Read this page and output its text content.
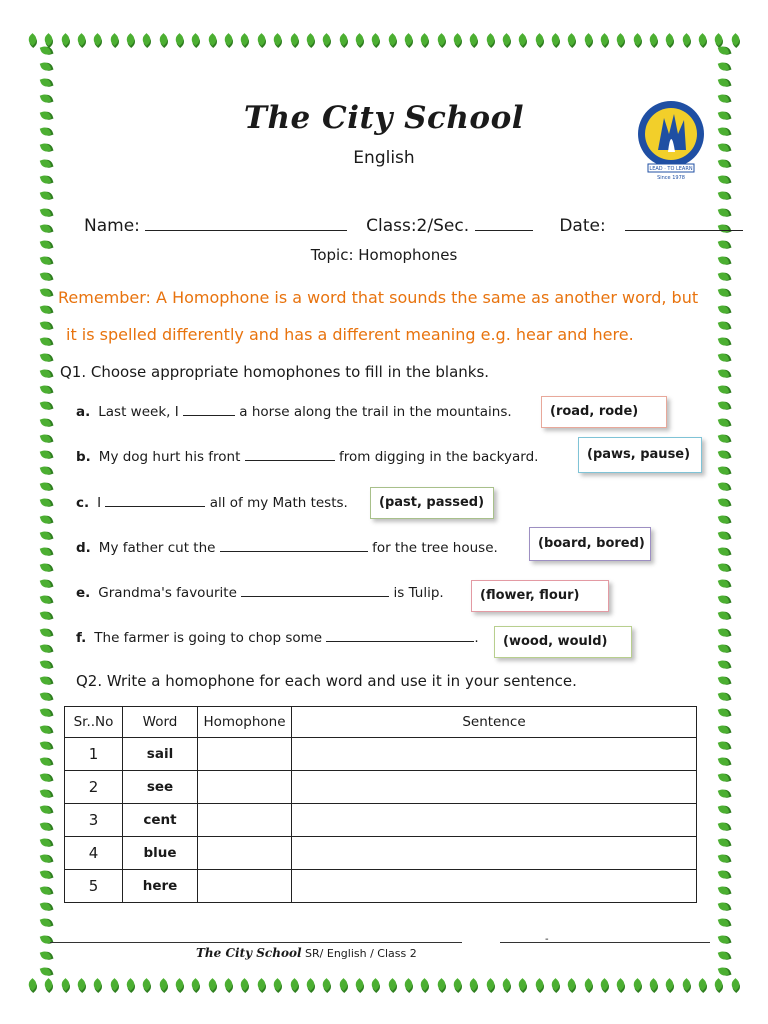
The City School
English
LEAD · TO LEARN
Since 1978
Name:	Class:2/Sec.	Date:
Topic: Homophones
Remember: A Homophone is a word that sounds the same as another word, but
it is spelled differently and has a different meaning e.g. hear and here.
Q1. Choose appropriate homophones to fill in the blanks.
a. Last week, I	a horse along the trail in the mountains.	(road, rode)
b. My dog hurt his front	from digging in the backyard.	(paws, pause)
c. I	all of my Math tests.	(past, passed)
d. My father cut the	for the tree house.	(board, bored)
e. Grandma's favourite	is Tulip.	(flower, flour)
f. The farmer is going to chop some	.	(wood, would)
Q2. Write a homophone for each word and use it in your sentence.
Sr..No	Word	Homophone	Sentence
1	sail		
2	see		
3	cent		
4	blue		
5	here		
The City School SR/ English / Class 2
-
